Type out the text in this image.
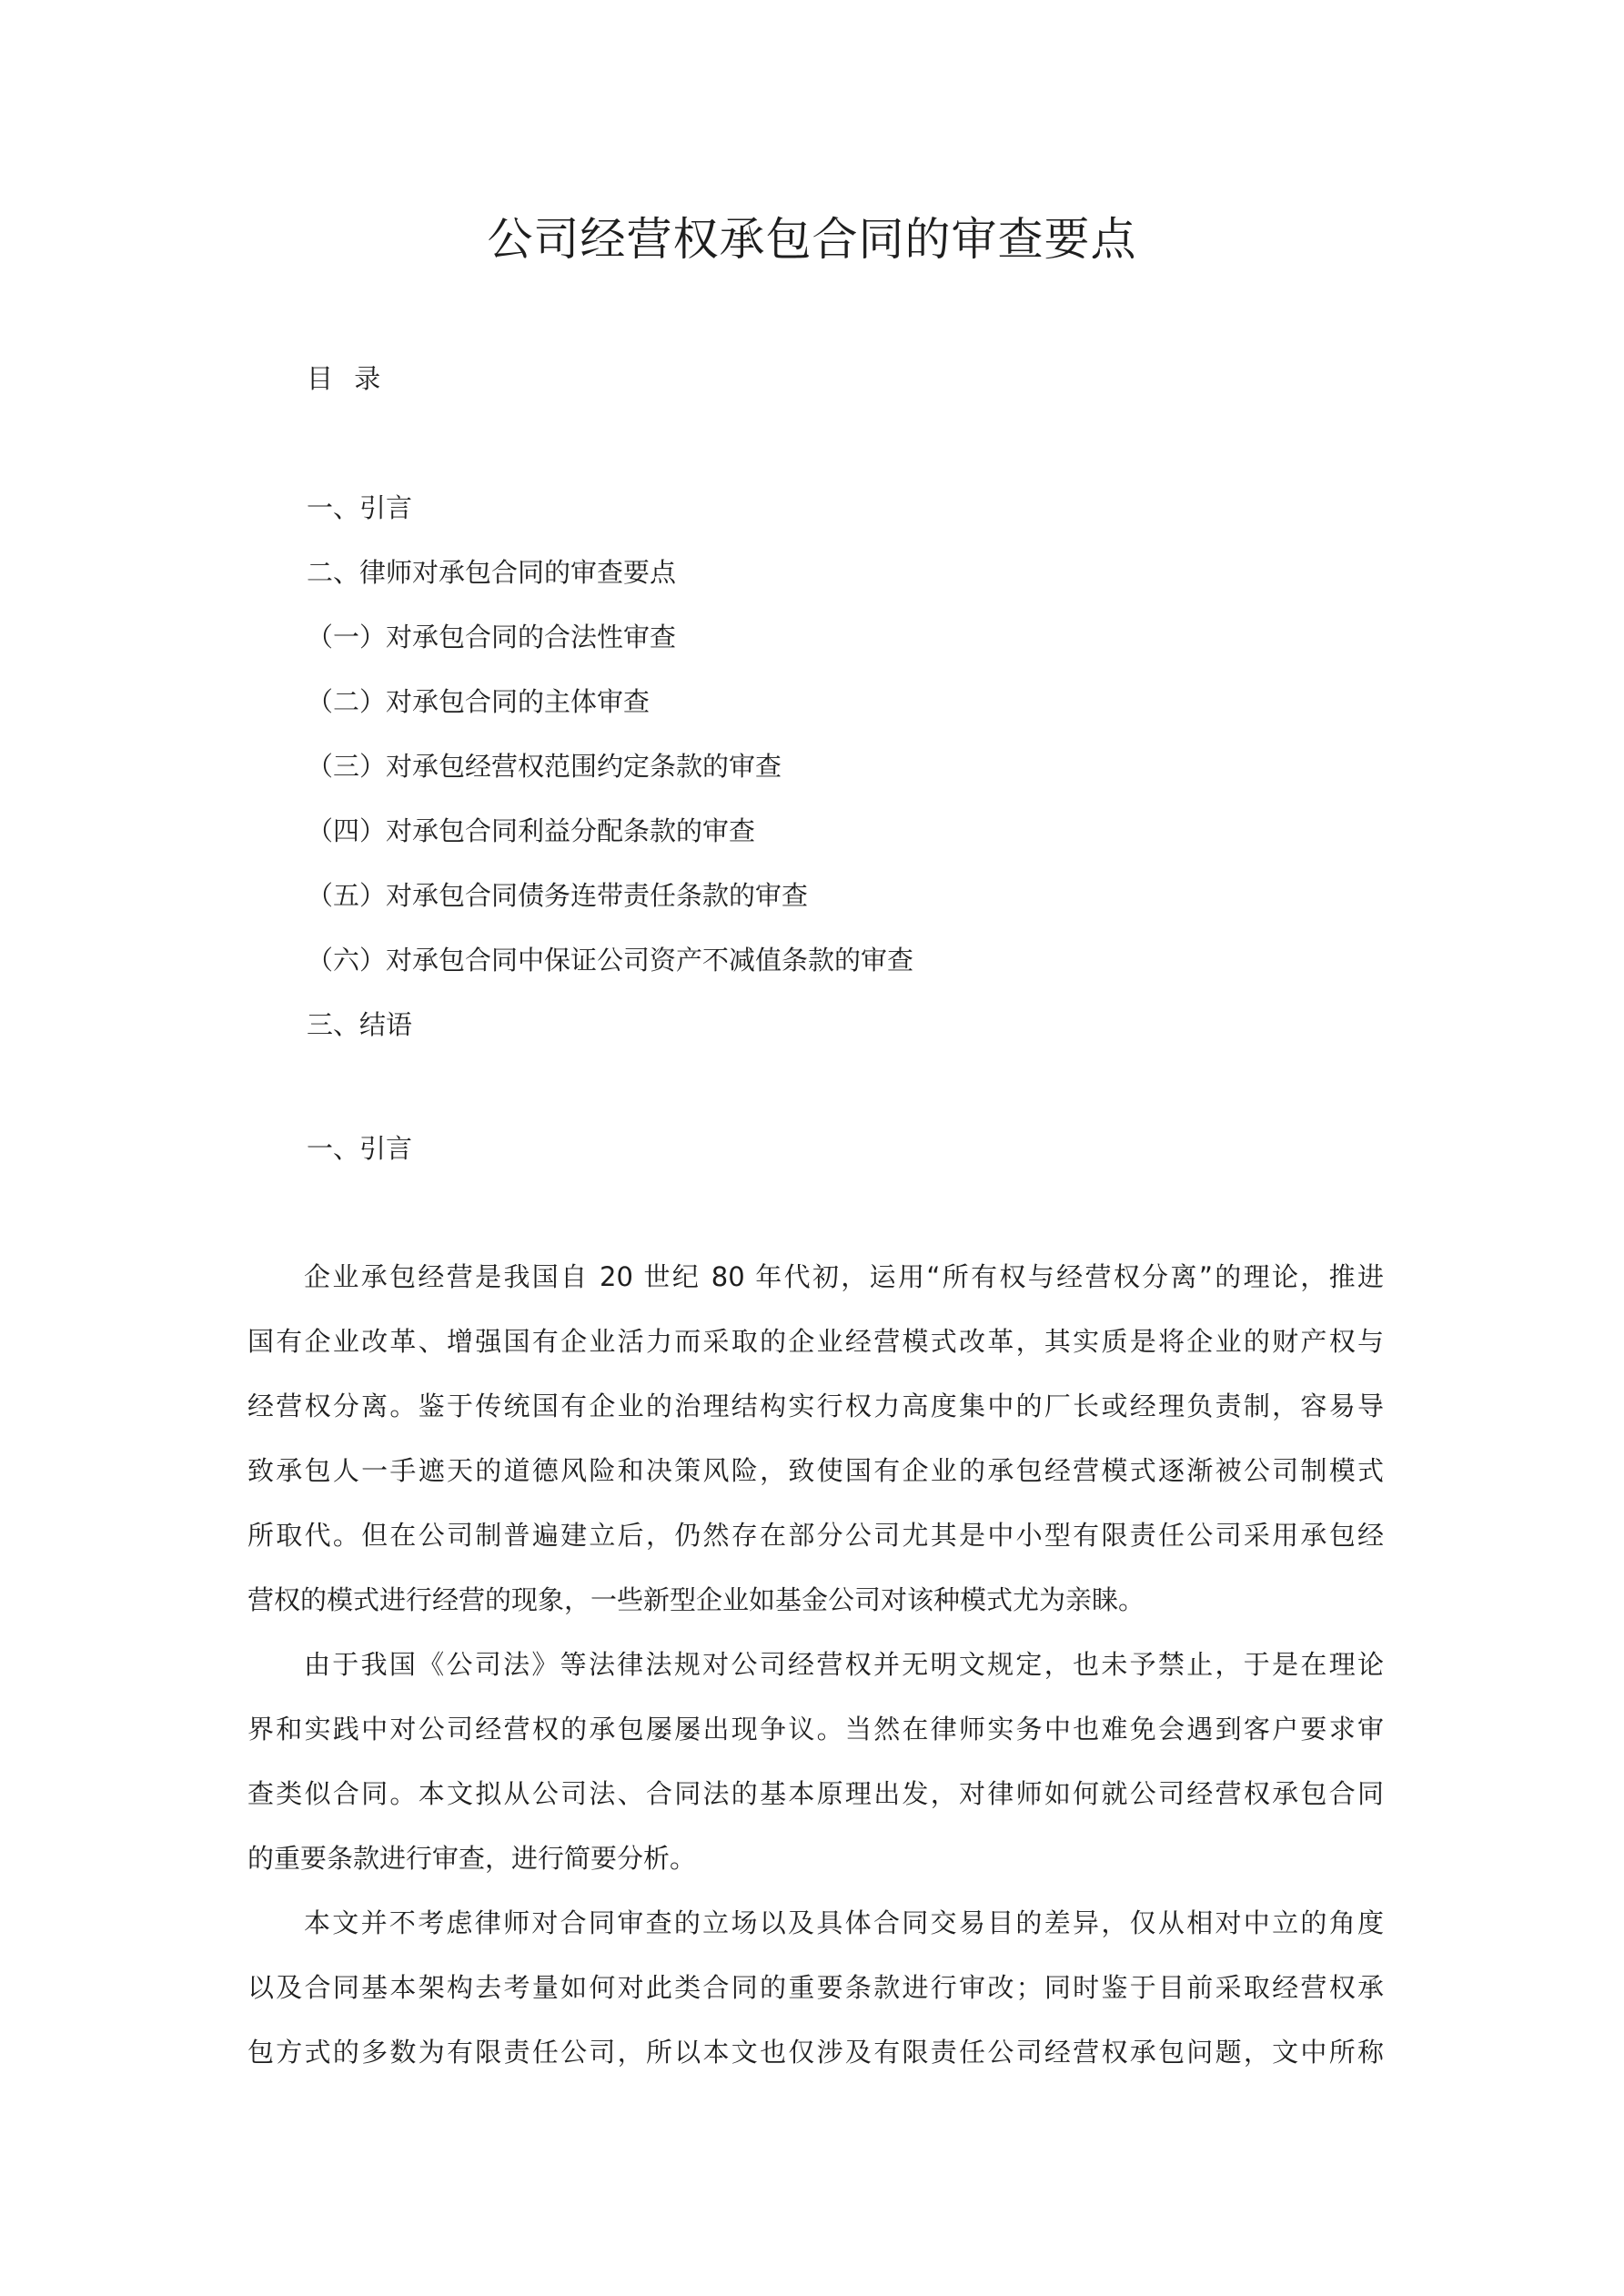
公司经营权承包合同的审查要点
目 录
一、引言
二、律师对承包合同的审查要点
（一）对承包合同的合法性审查
（二）对承包合同的主体审查
（三）对承包经营权范围约定条款的审查
（四）对承包合同利益分配条款的审查
（五）对承包合同债务连带责任条款的审查
（六）对承包合同中保证公司资产不减值条款的审查
三、结语
一、引言
企业承包经营是我国自 20 世纪 80 年代初，运用“所有权与经营权分离”的理论，推进
国有企业改革、增强国有企业活力而采取的企业经营模式改革，其实质是将企业的财产权与
经营权分离。鉴于传统国有企业的治理结构实行权力高度集中的厂长或经理负责制，容易导
致承包人一手遮天的道德风险和决策风险，致使国有企业的承包经营模式逐渐被公司制模式
所取代。但在公司制普遍建立后，仍然存在部分公司尤其是中小型有限责任公司采用承包经
营权的模式进行经营的现象，一些新型企业如基金公司对该种模式尤为亲睐。
由于我国《公司法》等法律法规对公司经营权并无明文规定，也未予禁止，于是在理论
界和实践中对公司经营权的承包屡屡出现争议。当然在律师实务中也难免会遇到客户要求审
查类似合同。本文拟从公司法、合同法的基本原理出发，对律师如何就公司经营权承包合同
的重要条款进行审查，进行简要分析。
本文并不考虑律师对合同审查的立场以及具体合同交易目的差异，仅从相对中立的角度
以及合同基本架构去考量如何对此类合同的重要条款进行审改；同时鉴于目前采取经营权承
包方式的多数为有限责任公司，所以本文也仅涉及有限责任公司经营权承包问题，文中所称
